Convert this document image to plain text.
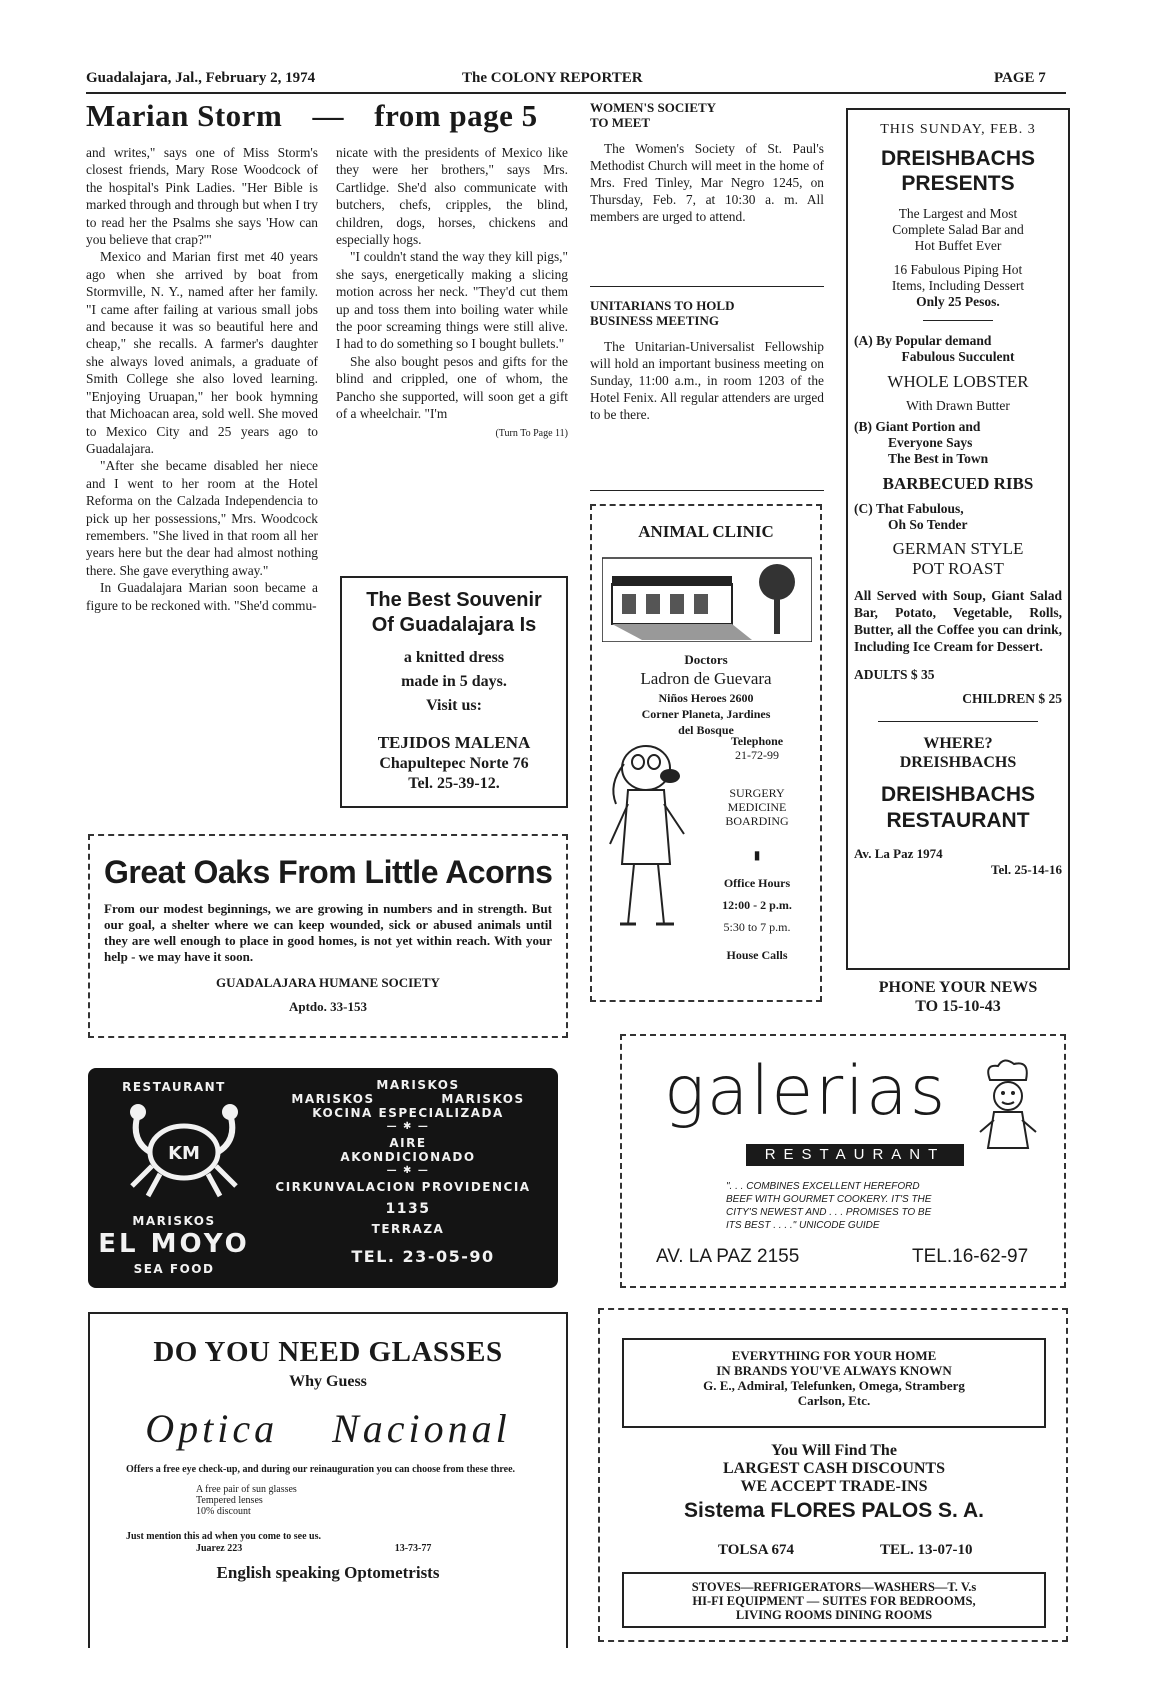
Guadalajara, Jal., February 2, 1974	The COLONY REPORTER	PAGE 7
Marian Storm — from page 5

and writes," says one of Miss Storm's closest friends, Mary Rose Woodcock of the hospital's Pink Ladies. "Her Bible is marked through and through but when I try to read her the Psalms she says 'How can you believe that crap?'"

Mexico and Marian first met 40 years ago when she arrived by boat from Stormville, N. Y., named after her family. "I came after failing at various small jobs and because it was so beautiful here and cheap," she recalls. A farmer's daughter she always loved animals, a graduate of Smith College she also loved learning. "Enjoying Uruapan," her book hymning that Michoacan area, sold well. She moved to Mexico City and 25 years ago to Guadalajara.

"After she became disabled her niece and I went to her room at the Hotel Reforma on the Calzada Independencia to pick up her possessions," Mrs. Woodcock remembers. "She lived in that room all her years here but the dear had almost nothing there. She gave everything away."

In Guadalajara Marian soon became a figure to be reckoned with. "She'd commu-

nicate with the presidents of Mexico like they were her brothers," says Mrs. Cartlidge. She'd also communicate with butchers, chefs, cripples, the blind, children, dogs, horses, chickens and especially hogs.

"I couldn't stand the way they kill pigs," she says, energetically making a slicing motion across her neck. "They'd cut them up and toss them into boiling water while the poor screaming things were still alive. I had to do something so I bought bullets."

She also bought pesos and gifts for the blind and crippled, one of whom, the Pancho she supported, will soon get a gift of a wheelchair. "I'm

(Turn To Page 11)
The Best Souvenir
Of Guadalajara Is
a knitted dress
made in 5 days.
Visit us:
TEJIDOS MALENA
Chapultepec Norte 76
Tel. 25-39-12.
WOMEN'S SOCIETY
TO MEET
The Women's Society of St. Paul's Methodist Church will meet in the home of Mrs. Fred Tinley, Mar Negro 1245, on Thursday, Feb. 7, at 10:30 a. m. All members are urged to attend.
UNITARIANS TO HOLD
BUSINESS MEETING
The Unitarian-Universalist Fellowship will hold an important business meeting on Sunday, 11:00 a.m., in room 1203 of the Hotel Fenix. All regular attenders are urged to be there.
ANIMAL CLINIC
Doctors
Ladron de Guevara
Niños Heroes 2600
Corner Planeta, Jardines
del Bosque
Telephone
21-72-99
SURGERY
MEDICINE
BOARDING
▮
Office Hours
12:00 - 2 p.m.
5:30 to 7 p.m.
House Calls
THIS SUNDAY, FEB. 3
DREISHBACHS
PRESENTS
The Largest and Most
Complete Salad Bar and
Hot Buffet Ever
16 Fabulous Piping Hot
Items, Including Dessert
Only 25 Pesos.
(A) By Popular demand
Fabulous Succulent
WHOLE LOBSTER
With Drawn Butter
(B) Giant Portion and
Everyone Says
The Best in Town
BARBECUED RIBS
(C) That Fabulous,
Oh So Tender
GERMAN STYLE
POT ROAST
All Served with Soup, Giant Salad Bar, Potato, Vegetable, Rolls, Butter, all the Coffee you can drink, Including Ice Cream for Dessert.
ADULTS $ 35
CHILDREN $ 25
WHERE?
DREISHBACHS
DREISHBACHS
RESTAURANT
Av. La Paz 1974
Tel. 25-14-16
PHONE YOUR NEWS
TO 15-10-43
Great Oaks From Little Acorns
From our modest beginnings, we are growing in numbers and in strength. But our goal, a shelter where we can keep wounded, sick or abused animals until they are well enough to place in good homes, is not yet within reach. With your help - we may have it soon.
GUADALAJARA HUMANE SOCIETY
Aptdo. 33-153
RESTAURANT	MARISKOS
MARISKOS	MARISKOS
KOCINA ESPECIALIZADA
— ✱ —
AIRE
AKONDICIONADO
— ✱ —
CIRKUNVALACION PROVIDENCIA
1135
TERRAZA
TEL. 23-05-90
KM
MARISKOS
EL MOYO
SEA FOOD
galerias
RESTAURANT
". . . COMBINES EXCELLENT HEREFORD
BEEF WITH GOURMET COOKERY. IT'S THE
CITY'S NEWEST AND . . . PROMISES TO BE
ITS BEST . . . ." UNICODE GUIDE
AV. LA PAZ 2155	TEL.16-62-97
DO YOU NEED GLASSES
Why Guess
Optica Nacional
Offers a free eye check-up, and during our reinauguration you can choose from these three.
A free pair of sun glasses
Tempered lenses
10% discount
Just mention this ad when you come to see us.
Juarez 223	13-73-77
English speaking Optometrists
EVERYTHING FOR YOUR HOME
IN BRANDS YOU'VE ALWAYS KNOWN
G. E., Admiral, Telefunken, Omega, Stramberg
Carlson, Etc.
You Will Find The
LARGEST CASH DISCOUNTS
WE ACCEPT TRADE-INS
Sistema FLORES PALOS S. A.
TOLSA 674	TEL. 13-07-10
STOVES—REFRIGERATORS—WASHERS—T. V.s
HI-FI EQUIPMENT — SUITES FOR BEDROOMS,
LIVING ROOMS DINING ROOMS
